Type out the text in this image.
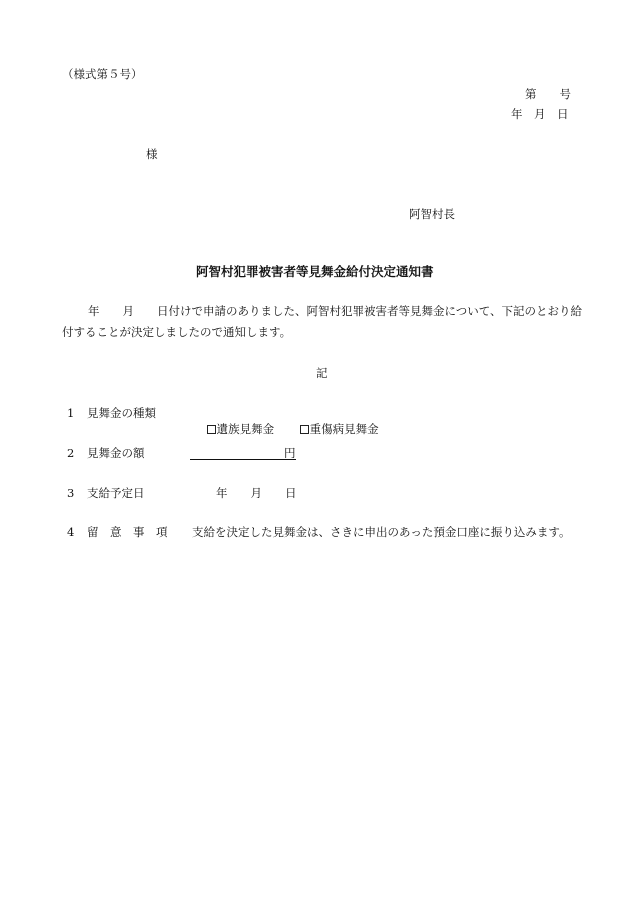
（様式第５号）
第　　号
年　月　日
様
阿智村長
阿智村犯罪被害者等見舞金給付決定通知書
年　　月　　日付けで申請のありました、阿智村犯罪被害者等見舞金について、下記のとおり給
付することが決定しましたので通知します。
記
1 見舞金の種類

遺族見舞金
	重傷病見舞金

2 見舞金の額	円
3 支給予定日	年　　月　　日
4 留　意　事　項 支給を決定した見舞金は、さきに申出のあった預金口座に振り込みます。
